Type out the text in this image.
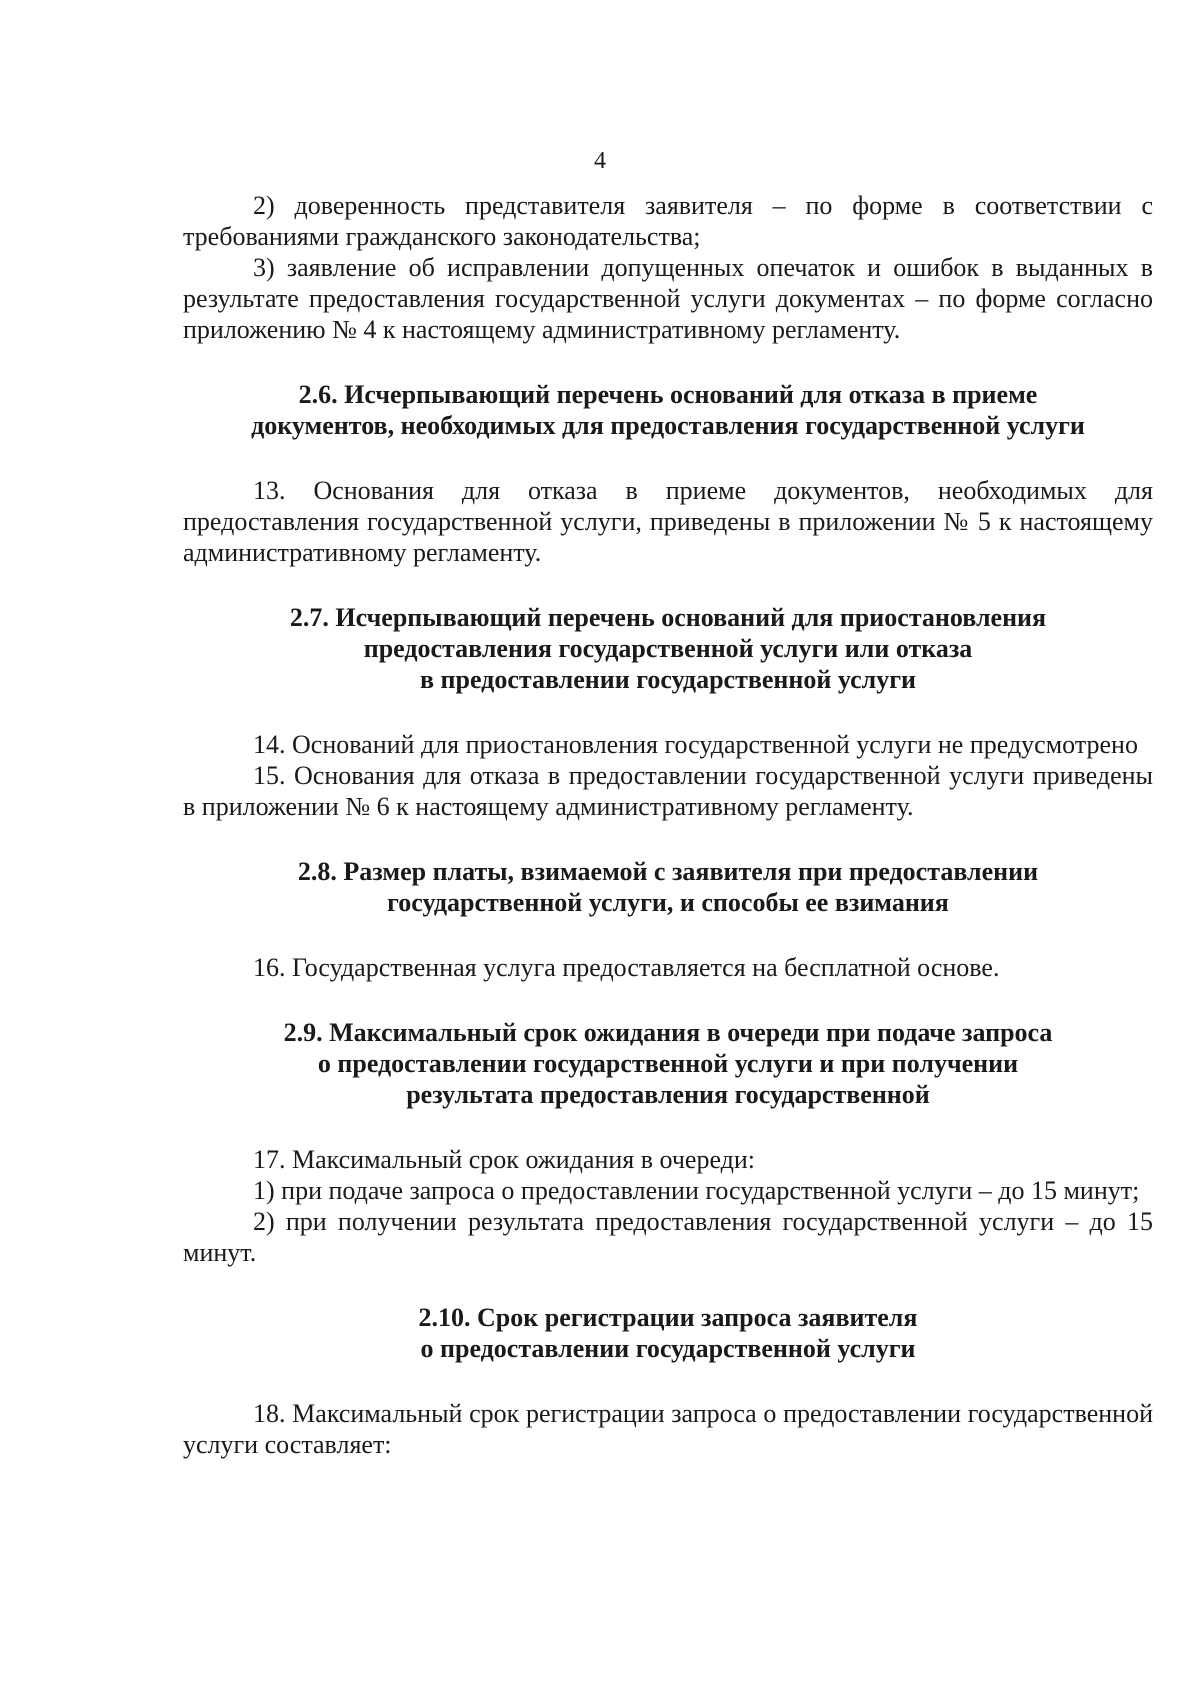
4

2) доверенность представителя заявителя – по форме в соответствии с требованиями гражданского законодательства;

3) заявление об исправлении допущенных опечаток и ошибок в выданных в результате предоставления государственной услуги документах – по форме согласно приложению № 4 к настоящему административному регламенту.

2.6. Исчерпывающий перечень оснований для отказа в приеме
документов, необходимых для предоставления государственной услуги

13. Основания для отказа в приеме документов, необходимых для предоставления государственной услуги, приведены в приложении № 5 к настоящему административному регламенту.

2.7. Исчерпывающий перечень оснований для приостановления
предоставления государственной услуги или отказа
в предоставлении государственной услуги

14. Оснований для приостановления государственной услуги не предусмотрено

15. Основания для отказа в предоставлении государственной услуги приведены в приложении № 6 к настоящему административному регламенту.

2.8. Размер платы, взимаемой с заявителя при предоставлении
государственной услуги, и способы ее взимания

16. Государственная услуга предоставляется на бесплатной основе.

2.9. Максимальный срок ожидания в очереди при подаче запроса
о предоставлении государственной услуги и при получении
результата предоставления государственной

17. Максимальный срок ожидания в очереди:

1) при подаче запроса о предоставлении государственной услуги – до 15 минут;

2) при получении результата предоставления государственной услуги – до 15 минут.

2.10. Срок регистрации запроса заявителя
о предоставлении государственной услуги

18. Максимальный срок регистрации запроса о предоставлении государственной услуги составляет:
